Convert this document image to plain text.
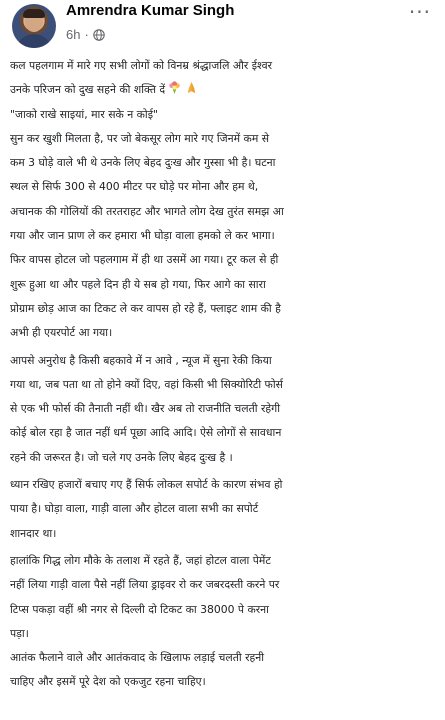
Amrendra Kumar Singh
6h ·
···
कल पहलगाम में मारे गए सभी लोगों को विनम्र श्रंद्धाजलि और ईश्वर
उनके परिजन को दुख सहने की शक्ति दें
"जाको राखे साइयां, मार सके न कोई"
सुन कर खुशी मिलता है, पर जो बेकसूर लोग मारे गए जिनमें कम से
कम 3 घोड़े वाले भी थे उनके लिए बेहद दुःख और गुस्सा भी है। घटना
स्थल से सिर्फ 300 से 400 मीटर पर घोड़े पर मोना और हम थे,
अचानक की गोलियों की तरतराहट और भागते लोग देख तुरंत समझ आ
गया और जान प्राण ले कर हमारा भी घोड़ा वाला हमको ले कर भागा।
फिर वापस होटल जो पहलगाम में ही था उसमें आ गया। टूर कल से ही
शुरू हुआ था और पहले दिन ही ये सब हो गया, फिर आगे का सारा
प्रोग्राम छोड़ आज का टिकट ले कर वापस हो रहे हैं, फ्लाइट शाम की है
अभी ही एयरपोर्ट आ गया।
आपसे अनुरोध है किसी बहकावे में न आवे , न्यूज में सुना रेकी किया
गया था, जब पता था तो होने क्यों दिए, वहां किसी भी सिक्योरिटी फोर्स
से एक भी फोर्स की तैनाती नहीं थी। खैर अब तो राजनीति चलती रहेगी
कोई बोल रहा है जात नहीं धर्म पूछा आदि आदि। ऐसे लोगों से सावधान
रहने की जरूरत है। जो चले गए उनके लिए बेहद दुःख है ।
ध्यान रखिए हजारों बचाए गए हैं सिर्फ लोकल सपोर्ट के कारण संभव हो
पाया है। घोड़ा वाला, गाड़ी वाला और होटल वाला सभी का सपोर्ट
शानदार था।
हालांकि गिद्ध लोग मौके के तलाश में रहते हैं, जहां होटल वाला पेमेंट
नहीं लिया गाड़ी वाला पैसे नहीं लिया ड्राइवर रो कर जबरदस्ती करने पर
टिप्स पकड़ा वहीं श्री नगर से दिल्ली दो टिकट का 38000 पे करना
पड़ा।
आतंक फैलाने वाले और आतंकवाद के खिलाफ लड़ाई चलती रहनी
चाहिए और इसमें पूरे देश को एकजुट रहना चाहिए।
